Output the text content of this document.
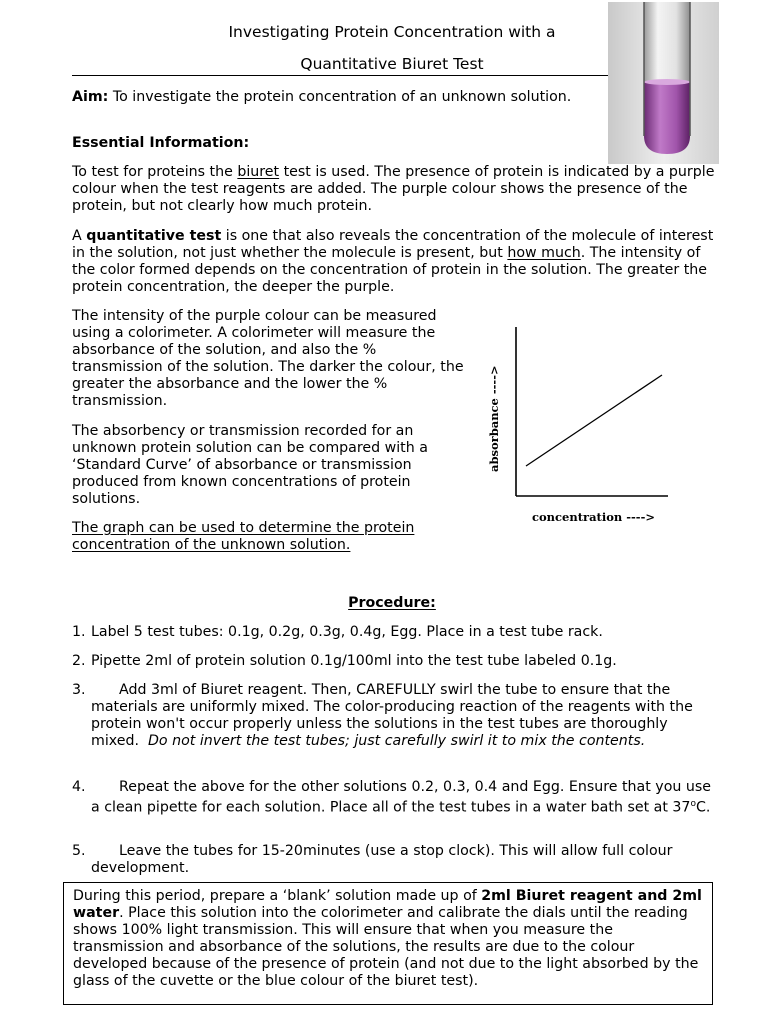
Investigating Protein Concentration with a
Quantitative Biuret Test

Aim: To investigate the protein concentration of an unknown solution.

Essential Information:

To test for proteins the biuret test is used. The presence of protein is indicated by a purple colour when the test reagents are added. The purple colour shows the presence of the protein, but not clearly how much protein.

A quantitative test is one that also reveals the concentration of the molecule of interest in the solution, not just whether the molecule is present, but how much. The intensity of the color formed depends on the concentration of protein in the solution. The greater the protein concentration, the deeper the purple.

The intensity of the purple colour can be measured using a colorimeter. A colorimeter will measure the absorbance of the solution, and also the % transmission of the solution. The darker the colour, the greater the absorbance and the lower the % transmission.

The absorbency or transmission recorded for an unknown protein solution can be compared with a ‘Standard Curve’ of absorbance or transmission produced from known concentrations of protein solutions.

The graph can be used to determine the protein concentration of the unknown solution.

absorbance ---->
concentration ---->

Procedure:

1. Label 5 test tubes: 0.1g, 0.2g, 0.3g, 0.4g, Egg. Place in a test tube rack.
2. Pipette 2ml of protein solution 0.1g/100ml into the test tube labeled 0.1g.
3.	Add 3ml of Biuret reagent. Then, CAREFULLY swirl the tube to ensure that the materials are uniformly mixed. The color-producing reaction of the reagents with the protein won't occur properly unless the solutions in the test tubes are thoroughly mixed. Do not invert the test tubes; just carefully swirl it to mix the contents.
4.	Repeat the above for the other solutions 0.2, 0.3, 0.4 and Egg. Ensure that you use a clean pipette for each solution. Place all of the test tubes in a water bath set at 37$^o$C.
5.	Leave the tubes for 15-20minutes (use a stop clock). This will allow full colour development.
During this period, prepare a ‘blank’ solution made up of 2ml Biuret reagent and 2ml water. Place this solution into the colorimeter and calibrate the dials until the reading shows 100% light transmission. This will ensure that when you measure the transmission and absorbance of the solutions, the results are due to the colour developed because of the presence of protein (and not due to the light absorbed by the glass of the cuvette or the blue colour of the biuret test).
